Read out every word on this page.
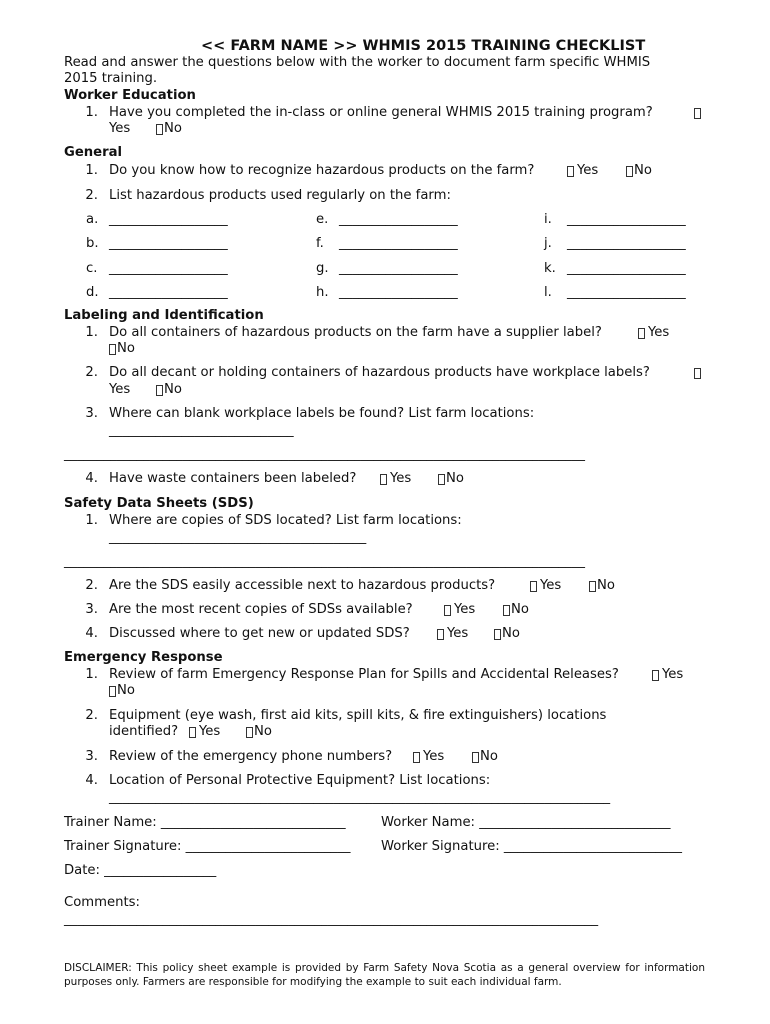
<< FARM NAME >> WHMIS 2015 TRAINING CHECKLIST
Read and answer the questions below with the worker to document farm specific WHMIS
2015 training.
Worker Education
1. Have you completed the in-class or online general WHMIS 2015 training program?
Yes	No
General
1. Do you know how to recognize hazardous products on the farm?	Yes	No
2. List hazardous products used regularly on the farm:
a. __________________
b. __________________
c. __________________
d. __________________
e. __________________
f. __________________
g. __________________
h. __________________
i. __________________
j. __________________
k. __________________
l. __________________
Labeling and Identification
1. Do all containers of hazardous products on the farm have a supplier label?	Yes
No
2. Do all decant or holding containers of hazardous products have workplace labels?
Yes	No
3. Where can blank workplace labels be found? List farm locations:
____________________________
_______________________________________________________________________________
4. Have waste containers been labeled?	Yes	No
Safety Data Sheets (SDS)
1. Where are copies of SDS located? List farm locations:
_______________________________________
_______________________________________________________________________________
2. Are the SDS easily accessible next to hazardous products?	Yes	No
3. Are the most recent copies of SDSs available?	Yes	No
4. Discussed where to get new or updated SDS?	Yes	No
Emergency Response
1. Review of farm Emergency Response Plan for Spills and Accidental Releases?	Yes
No
2. Equipment (eye wash, first aid kits, spill kits, & fire extinguishers) locations
identified? Yes	No
3. Review of the emergency phone numbers? Yes	No
4. Location of Personal Protective Equipment? List locations:
____________________________________________________________________________
Trainer Name: ____________________________	Worker Name: _____________________________
Trainer Signature: _________________________ Worker Signature: ___________________________
Date: _________________
Comments:
_________________________________________________________________________________
DISCLAIMER: This policy sheet example is provided by Farm Safety Nova Scotia as a general overview for information purposes only. Farmers are responsible for modifying the example to suit each individual farm.
